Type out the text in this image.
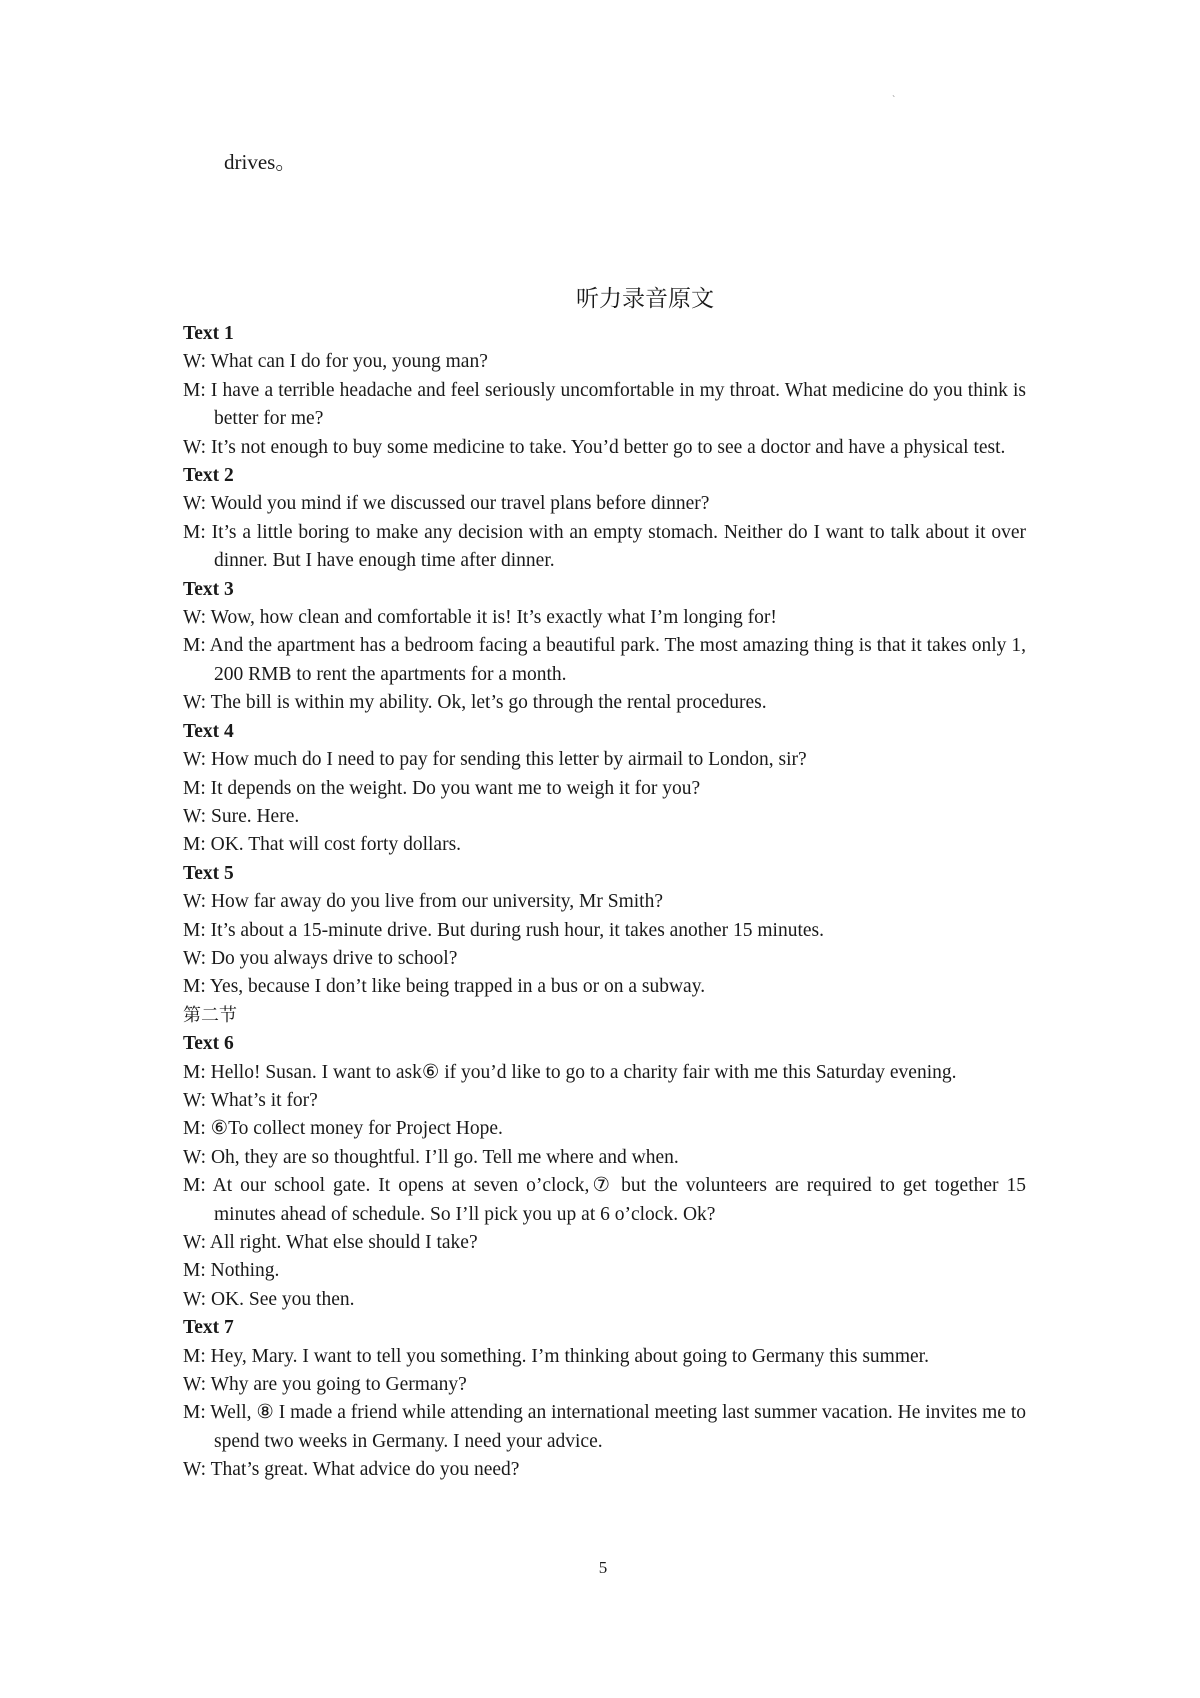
`
drives。
听力录音原文

Text 1

W: What can I do for you, young man?

M: I have a terrible headache and feel seriously uncomfortable in my throat. What medicine do you think is better for me?

W: It’s not enough to buy some medicine to take. You’d better go to see a doctor and have a physical test.

Text 2

W: Would you mind if we discussed our travel plans before dinner?

M: It’s a little boring to make any decision with an empty stomach. Neither do I want to talk about it over dinner. But I have enough time after dinner.

Text 3

W: Wow, how clean and comfortable it is! It’s exactly what I’m longing for!

M: And the apartment has a bedroom facing a beautiful park. The most amazing thing is that it takes only 1, 200 RMB to rent the apartments for a month.

W: The bill is within my ability. Ok, let’s go through the rental procedures.

Text 4

W: How much do I need to pay for sending this letter by airmail to London, sir?

M: It depends on the weight. Do you want me to weigh it for you?

W: Sure. Here.

M: OK. That will cost forty dollars.

Text 5

W: How far away do you live from our university, Mr Smith?

M: It’s about a 15-minute drive. But during rush hour, it takes another 15 minutes.

W: Do you always drive to school?

M: Yes, because I don’t like being trapped in a bus or on a subway.

第二节

Text 6

M: Hello! Susan. I want to ask⑥ if you’d like to go to a charity fair with me this Saturday evening.

W: What’s it for?

M: ⑥To collect money for Project Hope.

W: Oh, they are so thoughtful. I’ll go. Tell me where and when.

M: At our school gate. It opens at seven o’clock,⑦ but the volunteers are required to get together 15 minutes ahead of schedule. So I’ll pick you up at 6 o’clock. Ok?

W: All right. What else should I take?

M: Nothing.

W: OK. See you then.

Text 7

M: Hey, Mary. I want to tell you something. I’m thinking about going to Germany this summer.

W: Why are you going to Germany?

M: Well, ⑧ I made a friend while attending an international meeting last summer vacation. He invites me to spend two weeks in Germany. I need your advice.

W: That’s great. What advice do you need?

5
